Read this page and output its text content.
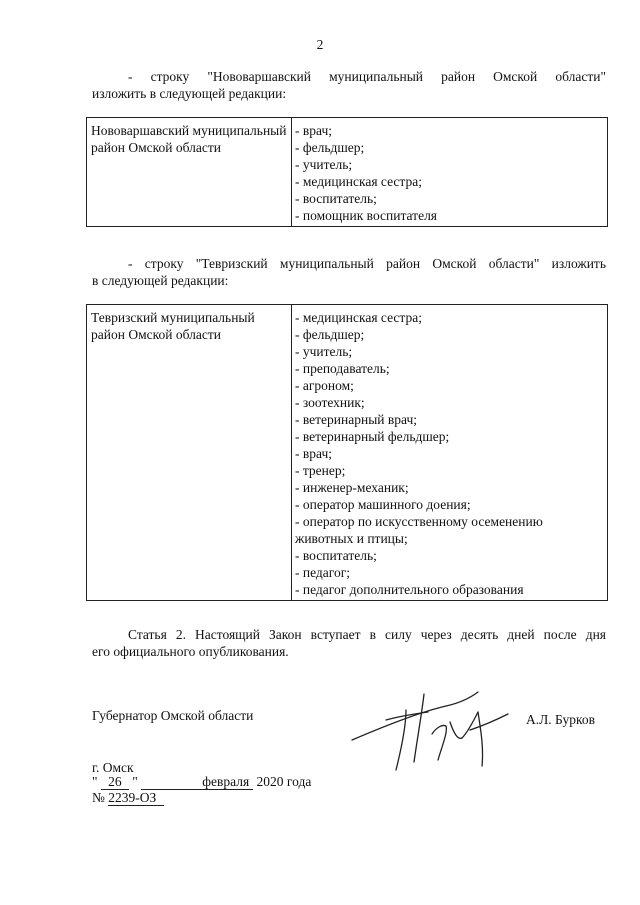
2
- строку "Нововаршавский муниципальный район Омской области"
изложить в следующей редакции:
Нововаршавский муниципальный район Омской области	
- врач;
- фельдшер;
- учитель;
- медицинская сестра;
- воспитатель;
- помощник воспитателя
- строку "Тевризский муниципальный район Омской области" изложить
в следующей редакции:
Тевризский муниципальный район Омской области	
- медицинская сестра;
- фельдшер;
- учитель;
- преподаватель;
- агроном;
- зоотехник;
- ветеринарный врач;
- ветеринарный фельдшер;
- врач;
- тренер;
- инженер-механик;
- оператор машинного доения;
- оператор по искусственному осеменению животных и птицы;
- воспитатель;
- педагог;
- педагог дополнительного образования
Статья 2. Настоящий Закон вступает в силу через десять дней после дня
его официального опубликования.
Губернатор Омской области	А.Л. Бурков
г. Омск
" 26 "	февраля 2020 года
№ 2239-ОЗ
